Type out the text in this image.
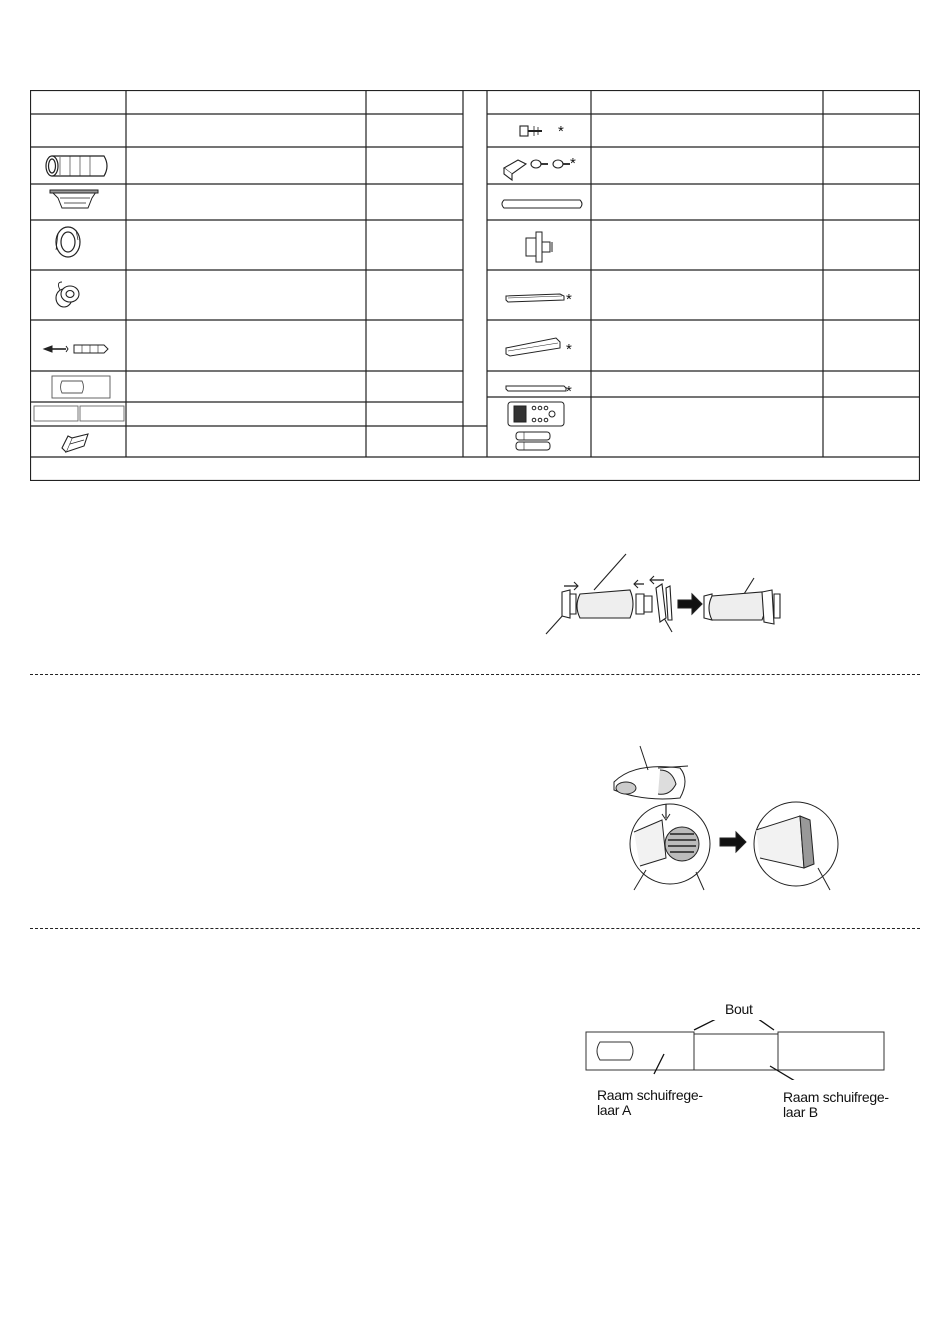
*
*
*
*
*
Bout
Raam schuifrege-
laar A
Raam schuifrege-
laar B
